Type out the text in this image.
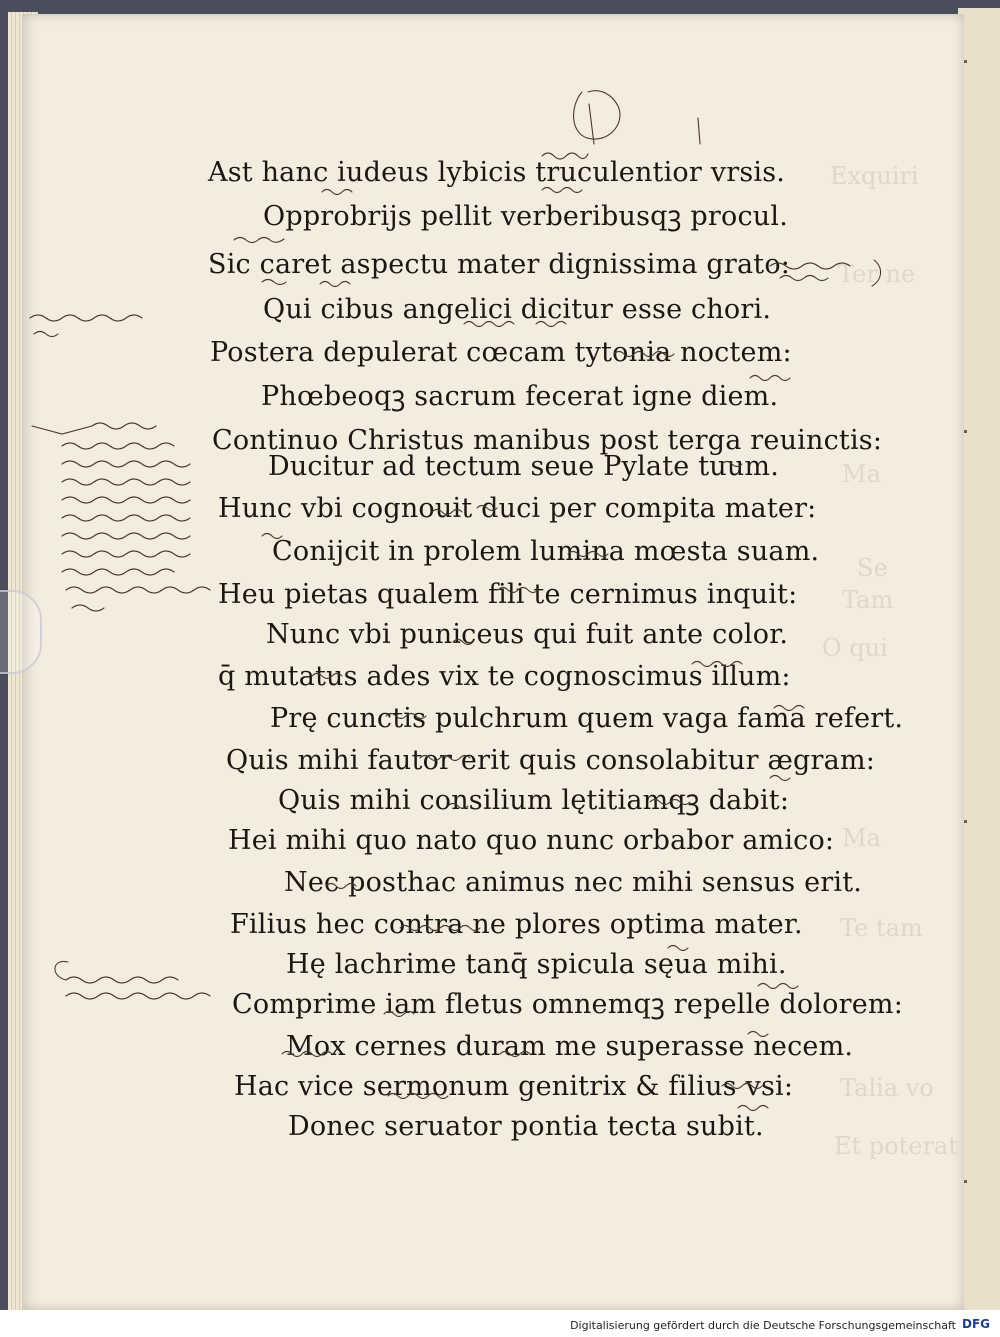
Exquiri
Ter ne
Ma
Se
Tam
O qui
Ma
Te tam
Talia vo
Et poterat
Ast hanc iudeus lybicis truculentior vrsis.
Opprobrijs pellit verberibusqꝫ procul.
Sic caret aspectu mater dignissima grato:
Qui cibus angelici dicitur esse chori.
Postera depulerat cœcam tytonia noctem:
Phœbeoqꝫ sacrum fecerat igne diem.
Continuo Christus manibus post terga reuinctis:
Ducitur ad tectum seue Pylate tuum.
Hunc vbi cognouit duci per compita mater:
Conijcit in prolem lumina mœsta suam.
Heu pietas qualem fili te cernimus inquit:
Nunc vbi puniceus qui fuit ante color.
q̄ mutatus ades vix te cognoscimus illum:
Prę cunctis pulchrum quem vaga fama refert.
Quis mihi fautor erit quis consolabitur ægram:
Quis mihi consilium lętitiamqꝫ dabit:
Hei mihi quo nato quo nunc orbabor amico:
Nec posthac animus nec mihi sensus erit.
Filius hec contra ne plores optima mater.
Hę lachrime tanq̄ spicula sęua mihi.
Comprime iam fletus omnemqꝫ repelle dolorem:
Mox cernes duram me superasse necem.
Hac vice sermonum genitrix & filius vsi:
Donec seruator pontia tecta subit.
Digitalisierung gefördert durch die Deutsche Forschungsgemeinschaft DFG
